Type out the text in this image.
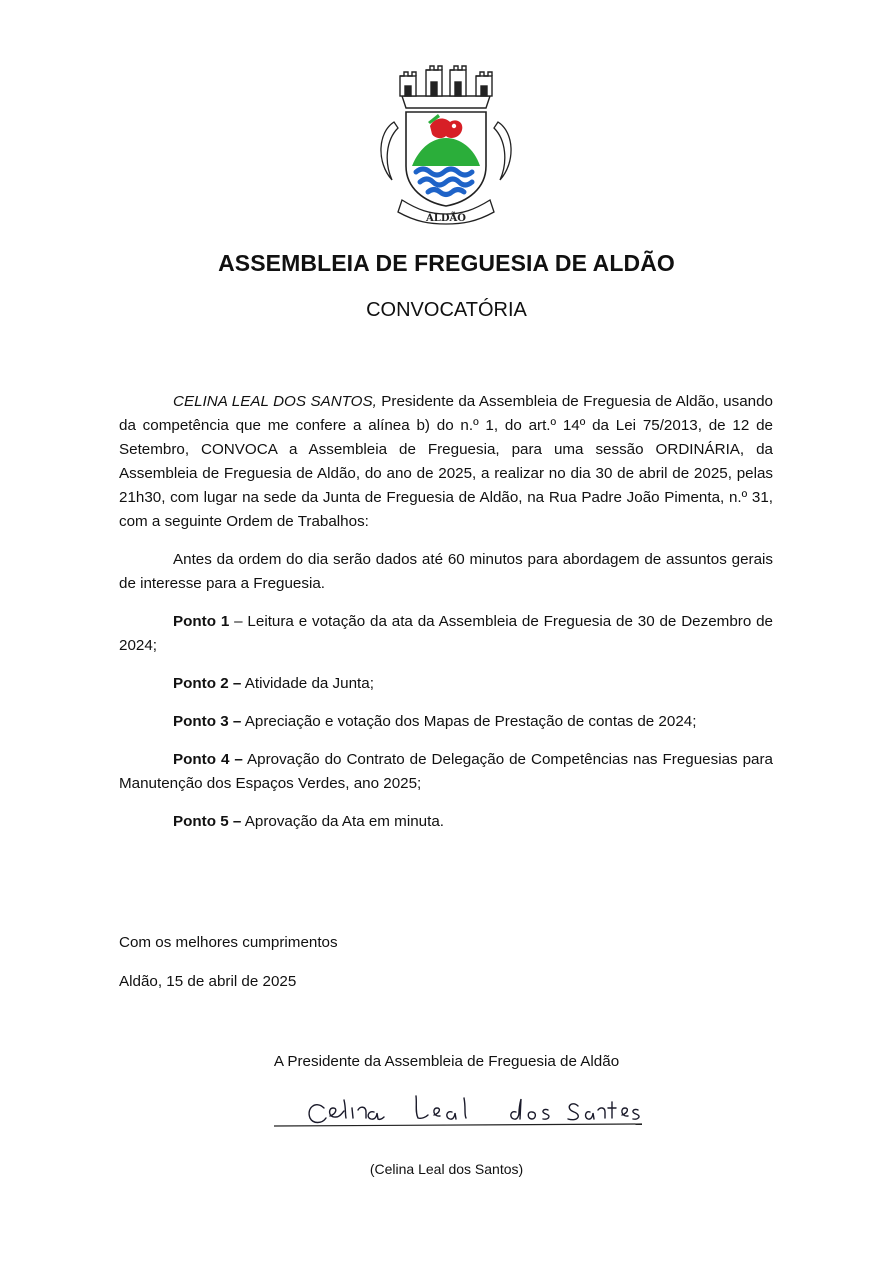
ALDÃO
ASSEMBLEIA DE FREGUESIA DE ALDÃO
CONVOCATÓRIA

CELINA LEAL DOS SANTOS, Presidente da Assembleia de Freguesia de Aldão, usando da competência que me confere a alínea b) do n.º 1, do art.º 14º da Lei 75/2013, de 12 de Setembro, CONVOCA a Assembleia de Freguesia, para uma sessão ORDINÁRIA, da Assembleia de Freguesia de Aldão, do ano de 2025, a realizar no dia 30 de abril de 2025, pelas 21h30, com lugar na sede da Junta de Freguesia de Aldão, na Rua Padre João Pimenta, n.º 31, com a seguinte Ordem de Trabalhos:

Antes da ordem do dia serão dados até 60 minutos para abordagem de assuntos gerais de interesse para a Freguesia.

Ponto 1 – Leitura e votação da ata da Assembleia de Freguesia de 30 de Dezembro de 2024;

Ponto 2 – Atividade da Junta;

Ponto 3 – Apreciação e votação dos Mapas de Prestação de contas de 2024;

Ponto 4 – Aprovação do Contrato de Delegação de Competências nas Freguesias para Manutenção dos Espaços Verdes, ano 2025;

Ponto 5 – Aprovação da Ata em minuta.

Com os melhores cumprimentos
Aldão, 15 de abril de 2025
A Presidente da Assembleia de Freguesia de Aldão
(Celina Leal dos Santos)
